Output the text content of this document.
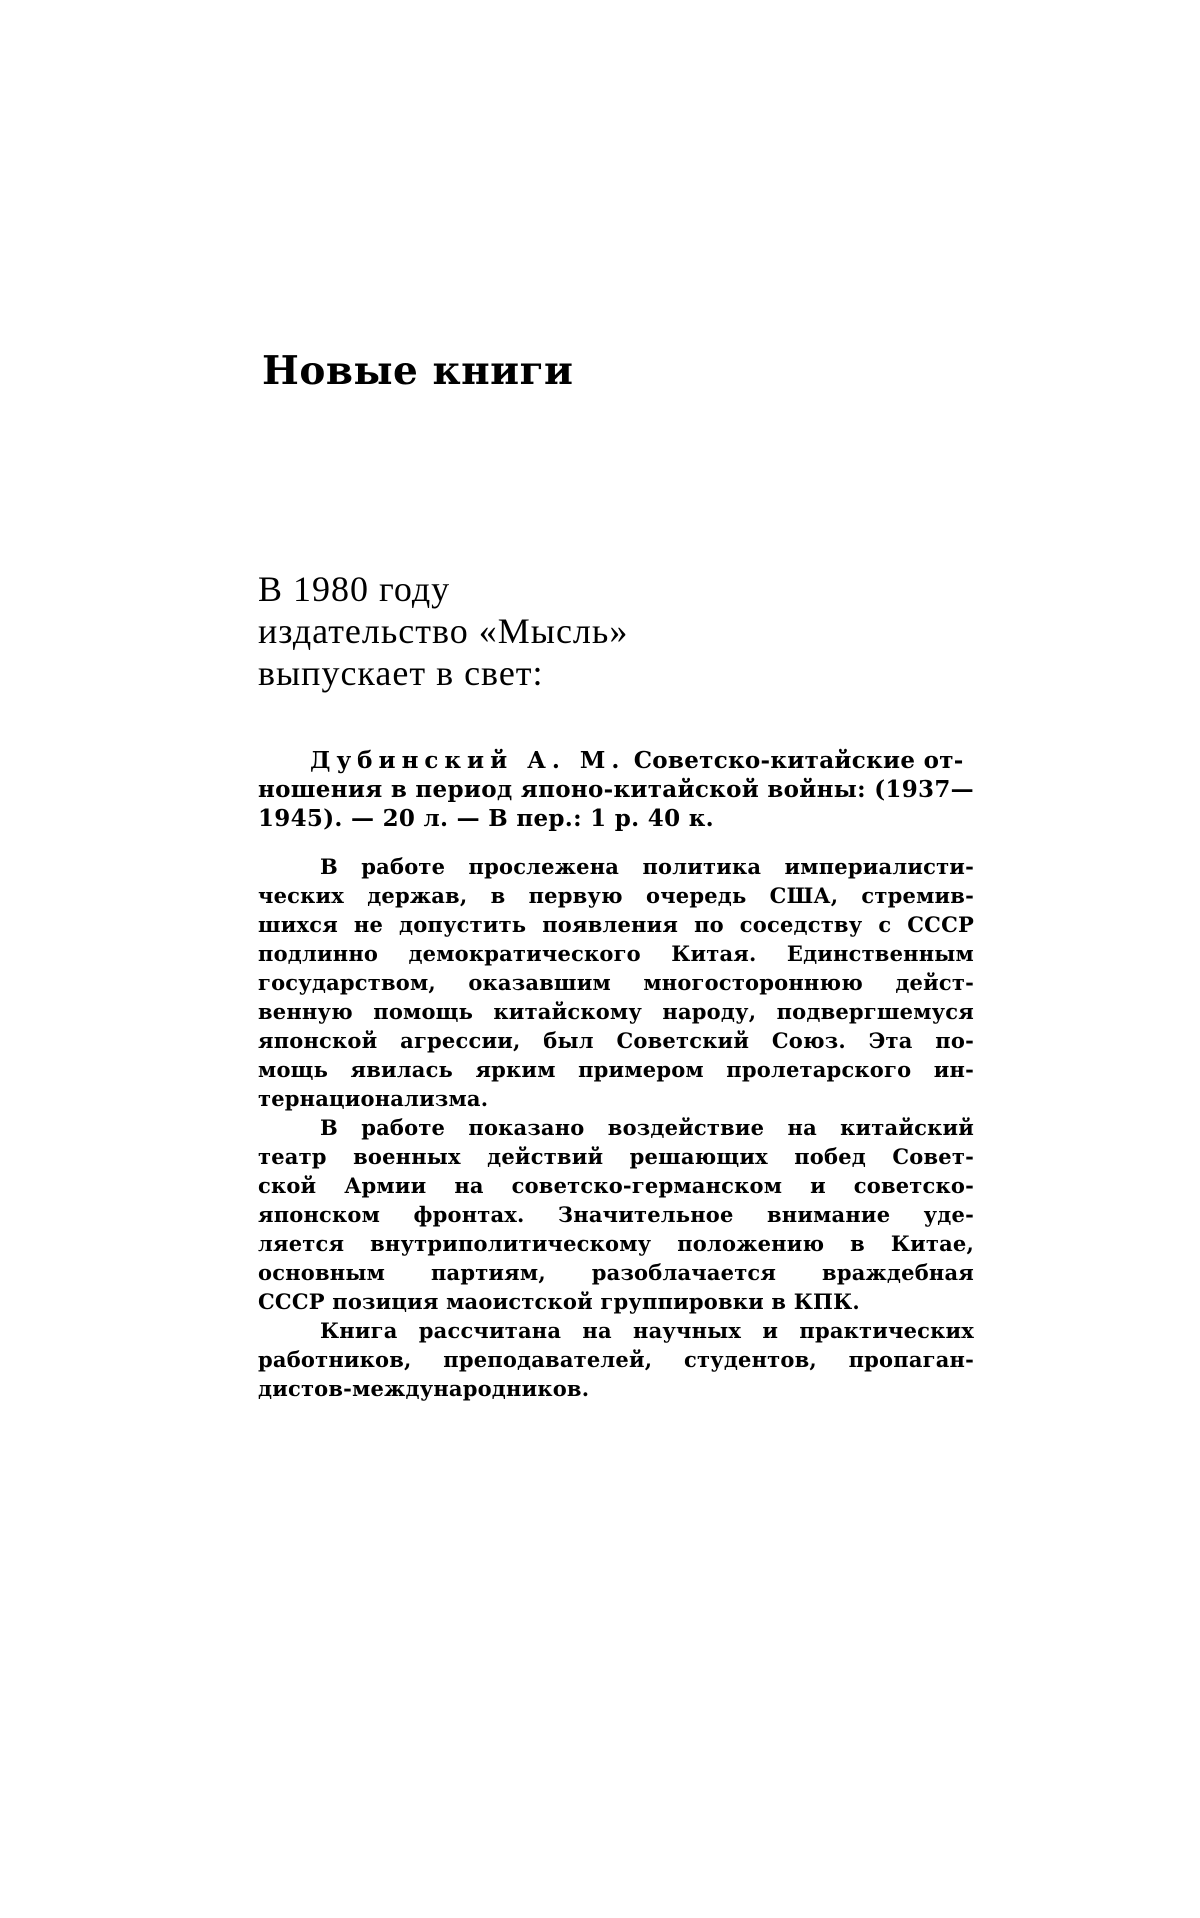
Новые книги
В 1980 году
издательство «Мысль»
выпускает в свет:
Дубинский А. М. Советско-китайские от-
ношения в период японо-китайской войны: (1937—
1945). — 20 л. — В пер.: 1 р. 40 к.
В работе прослежена политика империалисти-
ческих держав, в первую очередь США, стремив-
шихся не допустить появления по соседству с СССР
подлинно демократического Китая. Единственным
государством, оказавшим многостороннюю дейст-
венную помощь китайскому народу, подвергшемуся
японской агрессии, был Советский Союз. Эта по-
мощь явилась ярким примером пролетарского ин-
тернационализма.
В работе показано воздействие на китайский
театр военных действий решающих побед Совет-
ской Армии на советско-германском и советско-
японском фронтах. Значительное внимание уде-
ляется внутриполитическому положению в Китае,
основным партиям, разоблачается враждебная
СССР позиция маоистской группировки в КПК.
Книга рассчитана на научных и практических
работников, преподавателей, студентов, пропаган-
дистов-международников.
